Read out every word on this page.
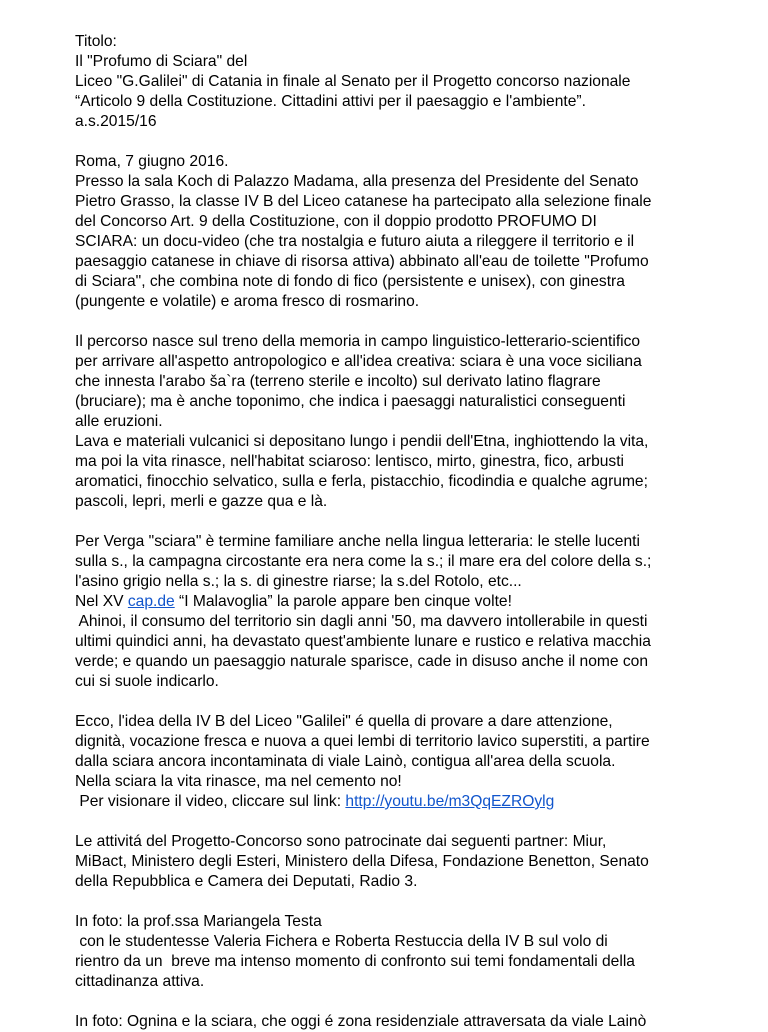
Titolo:
Il "Profumo di Sciara" del
Liceo "G.Galilei" di Catania in finale al Senato per il Progetto concorso nazionale
“Articolo 9 della Costituzione. Cittadini attivi per il paesaggio e l'ambiente”.
a.s.2015/16
Roma, 7 giugno 2016.
Presso la sala Koch di Palazzo Madama, alla presenza del Presidente del Senato
Pietro Grasso, la classe IV B del Liceo catanese ha partecipato alla selezione finale
del Concorso Art. 9 della Costituzione, con il doppio prodotto PROFUMO DI
SCIARA: un docu-video (che tra nostalgia e futuro aiuta a rileggere il territorio e il
paesaggio catanese in chiave di risorsa attiva) abbinato all'eau de toilette "Profumo
di Sciara", che combina note di fondo di fico (persistente e unisex), con ginestra
(pungente e volatile) e aroma fresco di rosmarino.
Il percorso nasce sul treno della memoria in campo linguistico-letterario-scientifico
per arrivare all'aspetto antropologico e all'idea creativa: sciara è una voce siciliana
che innesta l'arabo ša`ra (terreno sterile e incolto) sul derivato latino flagrare
(bruciare); ma è anche toponimo, che indica i paesaggi naturalistici conseguenti
alle eruzioni.
Lava e materiali vulcanici si depositano lungo i pendii dell'Etna, inghiottendo la vita,
ma poi la vita rinasce, nell'habitat sciaroso: lentisco, mirto, ginestra, fico, arbusti
aromatici, finocchio selvatico, sulla e ferla, pistacchio, ficodindia e qualche agrume;
pascoli, lepri, merli e gazze qua e là.
Per Verga "sciara" è termine familiare anche nella lingua letteraria: le stelle lucenti
sulla s., la campagna circostante era nera come la s.; il mare era del colore della s.;
l'asino grigio nella s.; la s. di ginestre riarse; la s.del Rotolo, etc...
Nel XV cap.de “I Malavoglia” la parole appare ben cinque volte!
Ahinoi, il consumo del territorio sin dagli anni '50, ma davvero intollerabile in questi
ultimi quindici anni, ha devastato quest'ambiente lunare e rustico e relativa macchia
verde; e quando un paesaggio naturale sparisce, cade in disuso anche il nome con
cui si suole indicarlo.
Ecco, l'idea della IV B del Liceo "Galilei" é quella di provare a dare attenzione,
dignità, vocazione fresca e nuova a quei lembi di territorio lavico superstiti, a partire
dalla sciara ancora incontaminata di viale Lainò, contigua all'area della scuola.
Nella sciara la vita rinasce, ma nel cemento no!
Per visionare il video, cliccare sul link: http://youtu.be/m3QqEZROylg
Le attivitá del Progetto-Concorso sono patrocinate dai seguenti partner: Miur,
MiBact, Ministero degli Esteri, Ministero della Difesa, Fondazione Benetton, Senato
della Repubblica e Camera dei Deputati, Radio 3.
In foto: la prof.ssa Mariangela Testa
con le studentesse Valeria Fichera e Roberta Restuccia della IV B sul volo di
rientro da un  breve ma intenso momento di confronto sui temi fondamentali della
cittadinanza attiva.
In foto: Ognina e la sciara, che oggi é zona residenziale attraversata da viale Lainò
